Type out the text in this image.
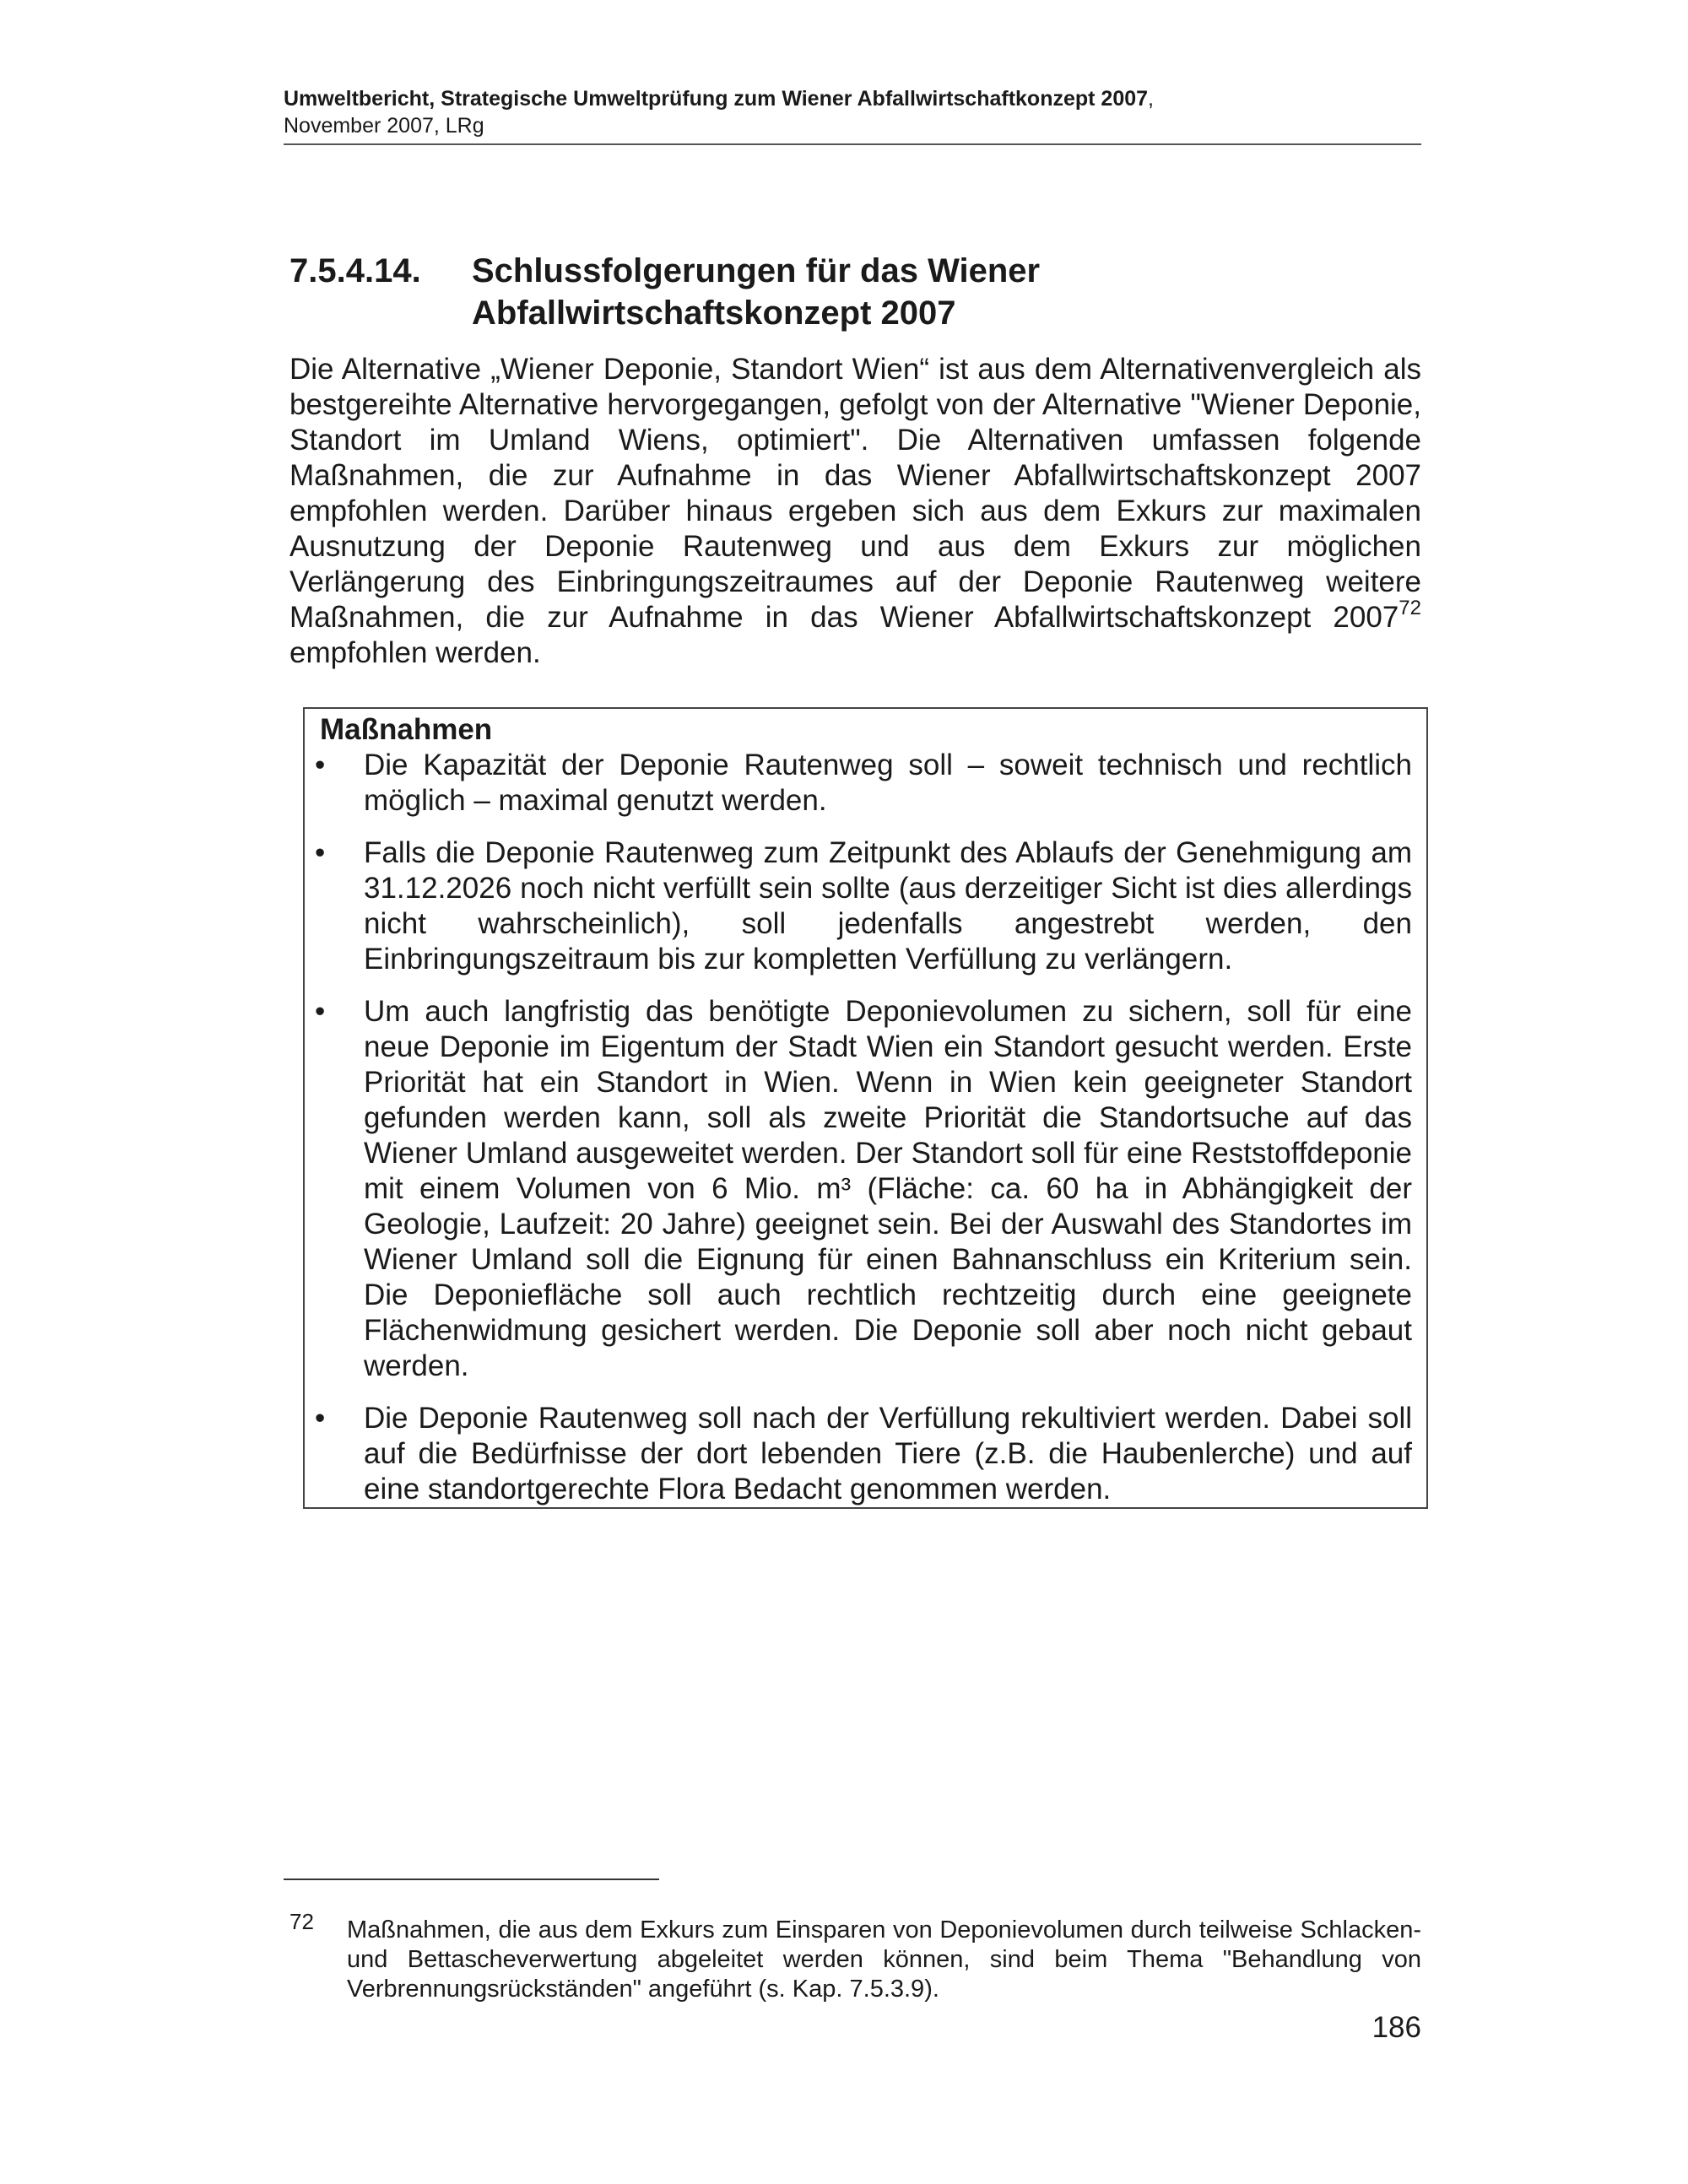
Umweltbericht, Strategische Umweltprüfung zum Wiener Abfallwirtschaftkonzept 2007,
November 2007, LRg
7.5.4.14. Schlussfolgerungen für das Wiener Abfallwirtschaftskonzept 2007
Die Alternative „Wiener Deponie, Standort Wien“ ist aus dem Alternativenvergleich als bestgereihte Alternative hervorgegangen, gefolgt von der Alternative "Wiener Deponie, Standort im Umland Wiens, optimiert". Die Alternativen umfassen folgende Maßnahmen, die zur Aufnahme in das Wiener Abfallwirtschaftskonzept 2007 empfohlen werden. Darüber hinaus ergeben sich aus dem Exkurs zur maximalen Ausnutzung der Deponie Rautenweg und aus dem Exkurs zur möglichen Verlängerung des Einbringungszeitraumes auf der Deponie Rautenweg weitere Maßnahmen, die zur Aufnahme in das Wiener Abfallwirtschaftskonzept 2007$^{72}$ empfohlen werden.
Maßnahmen
• Die Kapazität der Deponie Rautenweg soll – soweit technisch und rechtlich möglich – maximal genutzt werden.
• Falls die Deponie Rautenweg zum Zeitpunkt des Ablaufs der Genehmigung am 31.12.2026 noch nicht verfüllt sein sollte (aus derzeitiger Sicht ist dies allerdings nicht wahrscheinlich), soll jedenfalls angestrebt werden, den Einbringungszeitraum bis zur kompletten Verfüllung zu verlängern.
• Um auch langfristig das benötigte Deponievolumen zu sichern, soll für eine neue Deponie im Eigentum der Stadt Wien ein Standort gesucht werden. Erste Priorität hat ein Standort in Wien. Wenn in Wien kein geeigneter Standort gefunden werden kann, soll als zweite Priorität die Standortsuche auf das Wiener Umland ausgeweitet werden. Der Standort soll für eine Reststoffdeponie mit einem Volumen von 6 Mio. m³ (Fläche: ca. 60 ha in Abhängigkeit der Geologie, Laufzeit: 20 Jahre) geeignet sein. Bei der Auswahl des Standortes im Wiener Umland soll die Eignung für einen Bahnanschluss ein Kriterium sein. Die Deponiefläche soll auch rechtlich rechtzeitig durch eine geeignete Flächenwidmung gesichert werden. Die Deponie soll aber noch nicht gebaut werden.
• Die Deponie Rautenweg soll nach der Verfüllung rekultiviert werden. Dabei soll auf die Bedürfnisse der dort lebenden Tiere (z.B. die Haubenlerche) und auf eine standortgerechte Flora Bedacht genommen werden.
72 Maßnahmen, die aus dem Exkurs zum Einsparen von Deponievolumen durch teilweise Schlacken- und Bettascheverwertung abgeleitet werden können, sind beim Thema "Behandlung von Verbrennungsrückständen" angeführt (s. Kap. 7.5.3.9).
186
